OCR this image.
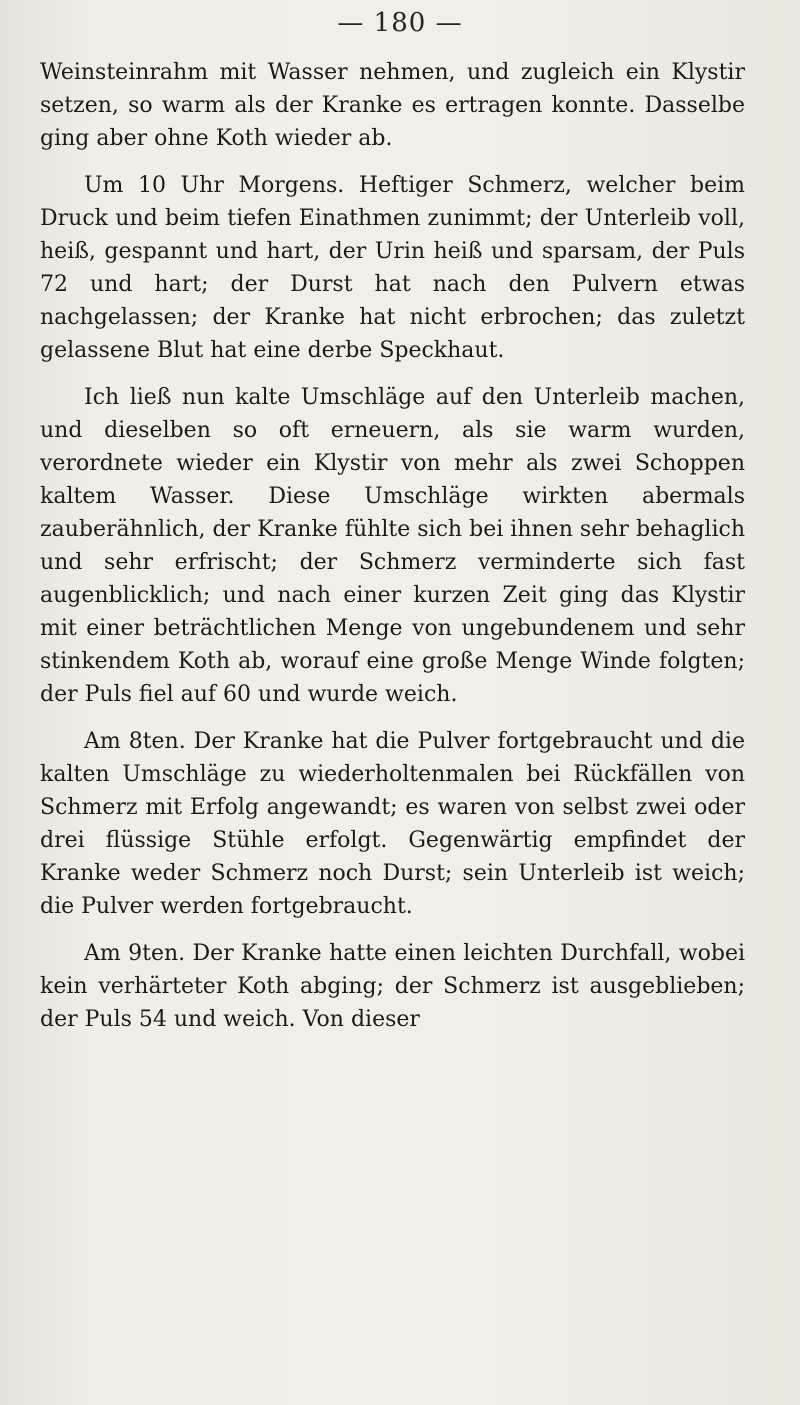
— 180 —

Weinsteinrahm mit Wasser nehmen, und zugleich ein Klystir setzen, so warm als der Kranke es ertragen konnte. Dasselbe ging aber ohne Koth wieder ab.

Um 10 Uhr Morgens. Heftiger Schmerz, welcher beim Druck und beim tiefen Einathmen zunimmt; der Unterleib voll, heiß, gespannt und hart, der Urin heiß und sparsam, der Puls 72 und hart; der Durst hat nach den Pulvern etwas nachgelassen; der Kranke hat nicht erbrochen; das zuletzt gelassene Blut hat eine derbe Speckhaut.

Ich ließ nun kalte Umschläge auf den Unterleib machen, und dieselben so oft erneuern, als sie warm wurden, verordnete wieder ein Klystir von mehr als zwei Schoppen kaltem Wasser. Diese Umschläge wirkten abermals zauberähnlich, der Kranke fühlte sich bei ihnen sehr behaglich und sehr erfrischt; der Schmerz verminderte sich fast augenblicklich; und nach einer kurzen Zeit ging das Klystir mit einer beträchtlichen Menge von ungebundenem und sehr stinkendem Koth ab, worauf eine große Menge Winde folgten; der Puls fiel auf 60 und wurde weich.

Am 8ten. Der Kranke hat die Pulver fortgebraucht und die kalten Umschläge zu wiederholtenmalen bei Rückfällen von Schmerz mit Erfolg angewandt; es waren von selbst zwei oder drei flüssige Stühle erfolgt. Gegenwärtig empfindet der Kranke weder Schmerz noch Durst; sein Unterleib ist weich; die Pulver werden fortgebraucht.

Am 9ten. Der Kranke hatte einen leichten Durchfall, wobei kein verhärteter Koth abging; der Schmerz ist ausgeblieben; der Puls 54 und weich. Von dieser
